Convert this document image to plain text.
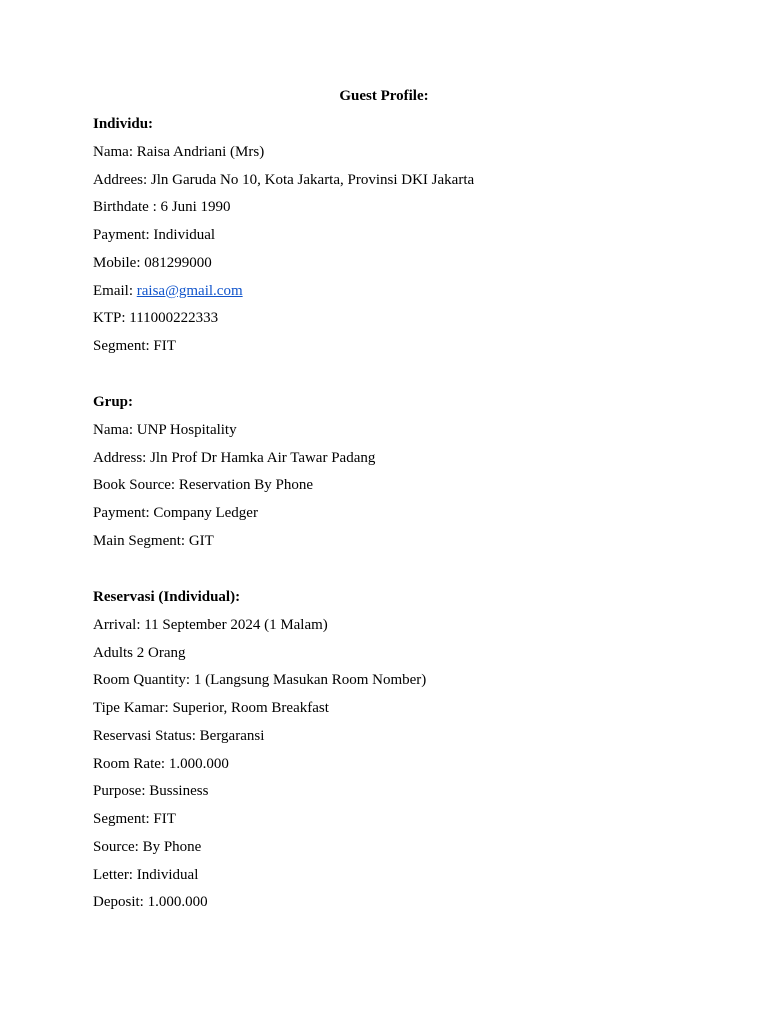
Guest Profile:
Individu:
Nama: Raisa Andriani (Mrs)
Addrees: Jln Garuda No 10, Kota Jakarta, Provinsi DKI Jakarta
Birthdate : 6 Juni 1990
Payment: Individual
Mobile: 081299000
Email: raisa@gmail.com
KTP: 111000222333
Segment: FIT
Grup:
Nama: UNP Hospitality
Address: Jln Prof Dr Hamka Air Tawar Padang
Book Source: Reservation By Phone
Payment: Company Ledger
Main Segment: GIT
Reservasi (Individual):
Arrival: 11 September 2024 (1 Malam)
Adults 2 Orang
Room Quantity: 1 (Langsung Masukan Room Nomber)
Tipe Kamar: Superior, Room Breakfast
Reservasi Status: Bergaransi
Room Rate: 1.000.000
Purpose: Bussiness
Segment: FIT
Source: By Phone
Letter: Individual
Deposit: 1.000.000
